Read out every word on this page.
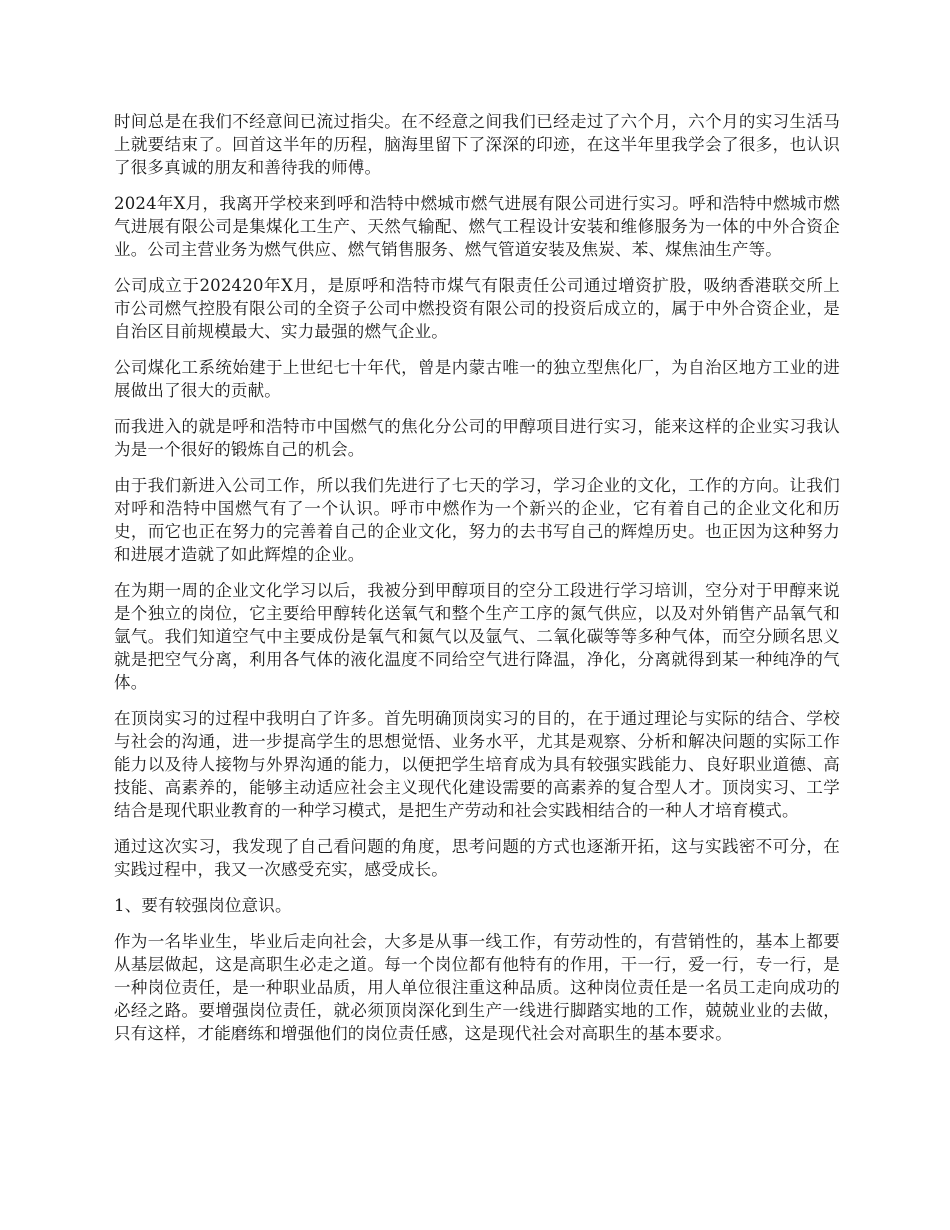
时间总是在我们不经意间已流过指尖。在不经意之间我们已经走过了六个月，六个月的实习生活马上就要结束了。回首这半年的历程，脑海里留下了深深的印迹，在这半年里我学会了很多，也认识了很多真诚的朋友和善待我的师傅。

2024年X月，我离开学校来到呼和浩特中燃城市燃气进展有限公司进行实习。呼和浩特中燃城市燃气进展有限公司是集煤化工生产、天然气输配、燃气工程设计安装和维修服务为一体的中外合资企业。公司主营业务为燃气供应、燃气销售服务、燃气管道安装及焦炭、苯、煤焦油生产等。

公司成立于202420年X月，是原呼和浩特市煤气有限责任公司通过增资扩股，吸纳香港联交所上市公司燃气控股有限公司的全资子公司中燃投资有限公司的投资后成立的，属于中外合资企业，是自治区目前规模最大、实力最强的燃气企业。

公司煤化工系统始建于上世纪七十年代，曾是内蒙古唯一的独立型焦化厂，为自治区地方工业的进展做出了很大的贡献。

而我进入的就是呼和浩特市中国燃气的焦化分公司的甲醇项目进行实习，能来这样的企业实习我认为是一个很好的锻炼自己的机会。

由于我们新进入公司工作，所以我们先进行了七天的学习，学习企业的文化，工作的方向。让我们对呼和浩特中国燃气有了一个认识。呼市中燃作为一个新兴的企业，它有着自己的企业文化和历史，而它也正在努力的完善着自己的企业文化，努力的去书写自己的辉煌历史。也正因为这种努力和进展才造就了如此辉煌的企业。

在为期一周的企业文化学习以后，我被分到甲醇项目的空分工段进行学习培训，空分对于甲醇来说是个独立的岗位，它主要给甲醇转化送氧气和整个生产工序的氮气供应，以及对外销售产品氧气和氩气。我们知道空气中主要成份是氧气和氮气以及氩气、二氧化碳等等多种气体，而空分顾名思义就是把空气分离，利用各气体的液化温度不同给空气进行降温，净化，分离就得到某一种纯净的气体。

在顶岗实习的过程中我明白了许多。首先明确顶岗实习的目的，在于通过理论与实际的结合、学校与社会的沟通，进一步提高学生的思想觉悟、业务水平，尤其是观察、分析和解决问题的实际工作能力以及待人接物与外界沟通的能力，以便把学生培育成为具有较强实践能力、良好职业道德、高技能、高素养的，能够主动适应社会主义现代化建设需要的高素养的复合型人才。顶岗实习、工学结合是现代职业教育的一种学习模式，是把生产劳动和社会实践相结合的一种人才培育模式。

通过这次实习，我发现了自己看问题的角度，思考问题的方式也逐渐开拓，这与实践密不可分，在实践过程中，我又一次感受充实，感受成长。

1、要有较强岗位意识。

作为一名毕业生，毕业后走向社会，大多是从事一线工作，有劳动性的，有营销性的，基本上都要从基层做起，这是高职生必走之道。每一个岗位都有他特有的作用，干一行，爱一行，专一行，是一种岗位责任，是一种职业品质，用人单位很注重这种品质。这种岗位责任是一名员工走向成功的必经之路。要增强岗位责任，就必须顶岗深化到生产一线进行脚踏实地的工作，兢兢业业的去做，只有这样，才能磨练和增强他们的岗位责任感，这是现代社会对高职生的基本要求。
